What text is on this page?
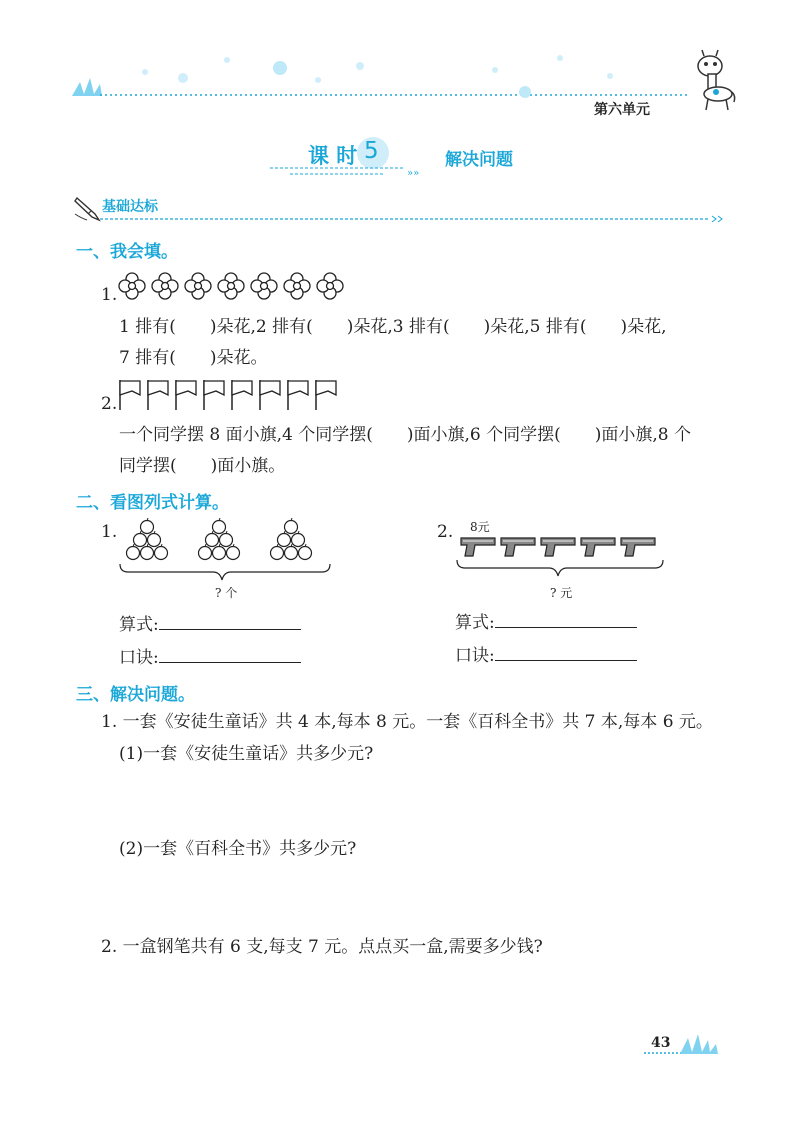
第六单元
课 时 5	解决问题
»»
基础达标
一、我会填。
1.
1 排有(　　)朵花,2 排有(　　)朵花,3 排有(　　)朵花,5 排有(　　)朵花,
7 排有(　　)朵花。
2.
一个同学摆 8 面小旗,4 个同学摆(　　)面小旗,6 个同学摆(　　)面小旗,8 个
同学摆(　　)面小旗。
二、看图列式计算。
1.
? 个
算式:
口诀:
2. 8元
? 元
算式:
口诀:
三、解决问题。
1. 一套《安徒生童话》共 4 本,每本 8 元。一套《百科全书》共 7 本,每本 6 元。
(1)一套《安徒生童话》共多少元?
(2)一套《百科全书》共多少元?
2. 一盒钢笔共有 6 支,每支 7 元。点点买一盒,需要多少钱?
43
